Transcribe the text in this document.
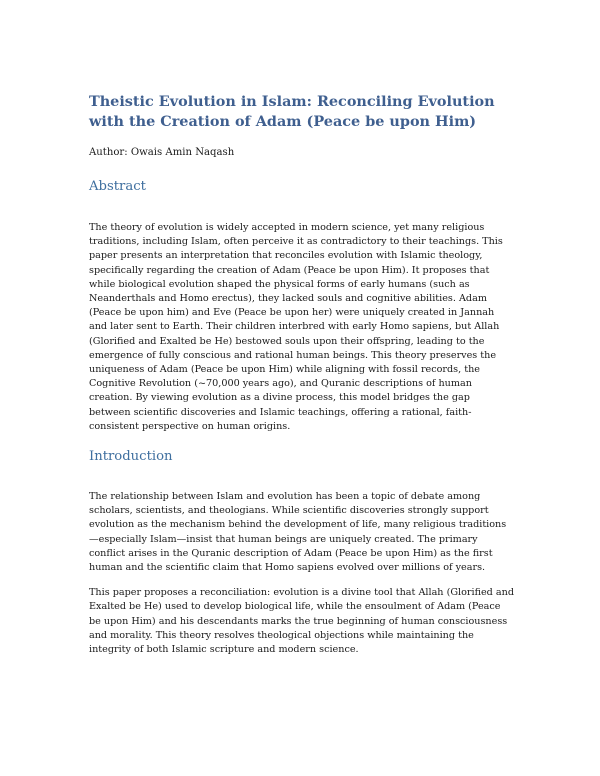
Theistic Evolution in Islam: Reconciling Evolution with the Creation of Adam (Peace be upon Him)

Author: Owais Amin Naqash

Abstract

The theory of evolution is widely accepted in modern science, yet many religious traditions, including Islam, often perceive it as contradictory to their teachings. This paper presents an interpretation that reconciles evolution with Islamic theology, specifically regarding the creation of Adam (Peace be upon Him). It proposes that while biological evolution shaped the physical forms of early humans (such as Neanderthals and Homo erectus), they lacked souls and cognitive abilities. Adam (Peace be upon him) and Eve (Peace be upon her) were uniquely created in Jannah and later sent to Earth. Their children interbred with early Homo sapiens, but Allah (Glorified and Exalted be He) bestowed souls upon their offspring, leading to the emergence of fully conscious and rational human beings. This theory preserves the uniqueness of Adam (Peace be upon Him) while aligning with fossil records, the Cognitive Revolution (~70,000 years ago), and Quranic descriptions of human creation. By viewing evolution as a divine process, this model bridges the gap between scientific discoveries and Islamic teachings, offering a rational, faith-consistent perspective on human origins.

Introduction

The relationship between Islam and evolution has been a topic of debate among scholars, scientists, and theologians. While scientific discoveries strongly support evolution as the mechanism behind the development of life, many religious traditions—especially Islam—insist that human beings are uniquely created. The primary conflict arises in the Quranic description of Adam (Peace be upon Him) as the first human and the scientific claim that Homo sapiens evolved over millions of years.

This paper proposes a reconciliation: evolution is a divine tool that Allah (Glorified and Exalted be He) used to develop biological life, while the ensoulment of Adam (Peace be upon Him) and his descendants marks the true beginning of human consciousness and morality. This theory resolves theological objections while maintaining the integrity of both Islamic scripture and modern science.
